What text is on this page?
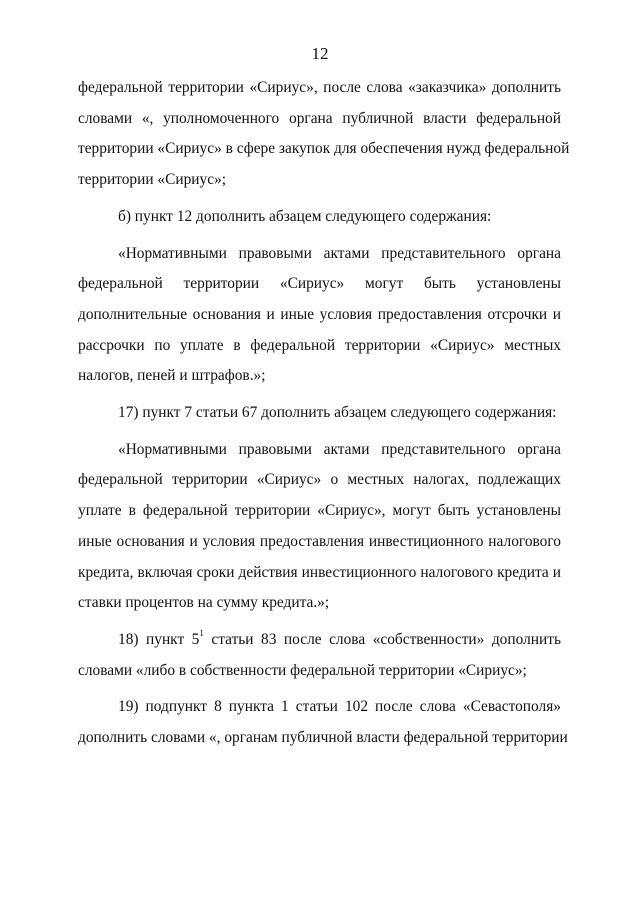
12

федеральной территории «Сириус», после слова «заказчика» дополнить
словами «, уполномоченного органа публичной власти федеральной
территории «Сириус» в сфере закупок для обеспечения нужд федеральной
территории «Сириус»;

б) пункт 12 дополнить абзацем следующего содержания:

«Нормативными правовыми актами представительного органа
федеральной территории «Сириус» могут быть установлены
дополнительные основания и иные условия предоставления отсрочки и
рассрочки по уплате в федеральной территории «Сириус» местных
налогов, пеней и штрафов.»;

17) пункт 7 статьи 67 дополнить абзацем следующего содержания:

«Нормативными правовыми актами представительного органа
федеральной территории «Сириус» о местных налогах, подлежащих
уплате в федеральной территории «Сириус», могут быть установлены
иные основания и условия предоставления инвестиционного налогового
кредита, включая сроки действия инвестиционного налогового кредита и
ставки процентов на сумму кредита.»;

18) пункт $5^1$ статьи 83 после слова «собственности» дополнить
словами «либо в собственности федеральной территории «Сириус»;

19) подпункт 8 пункта 1 статьи 102 после слова «Севастополя»
дополнить словами «, органам публичной власти федеральной территории
